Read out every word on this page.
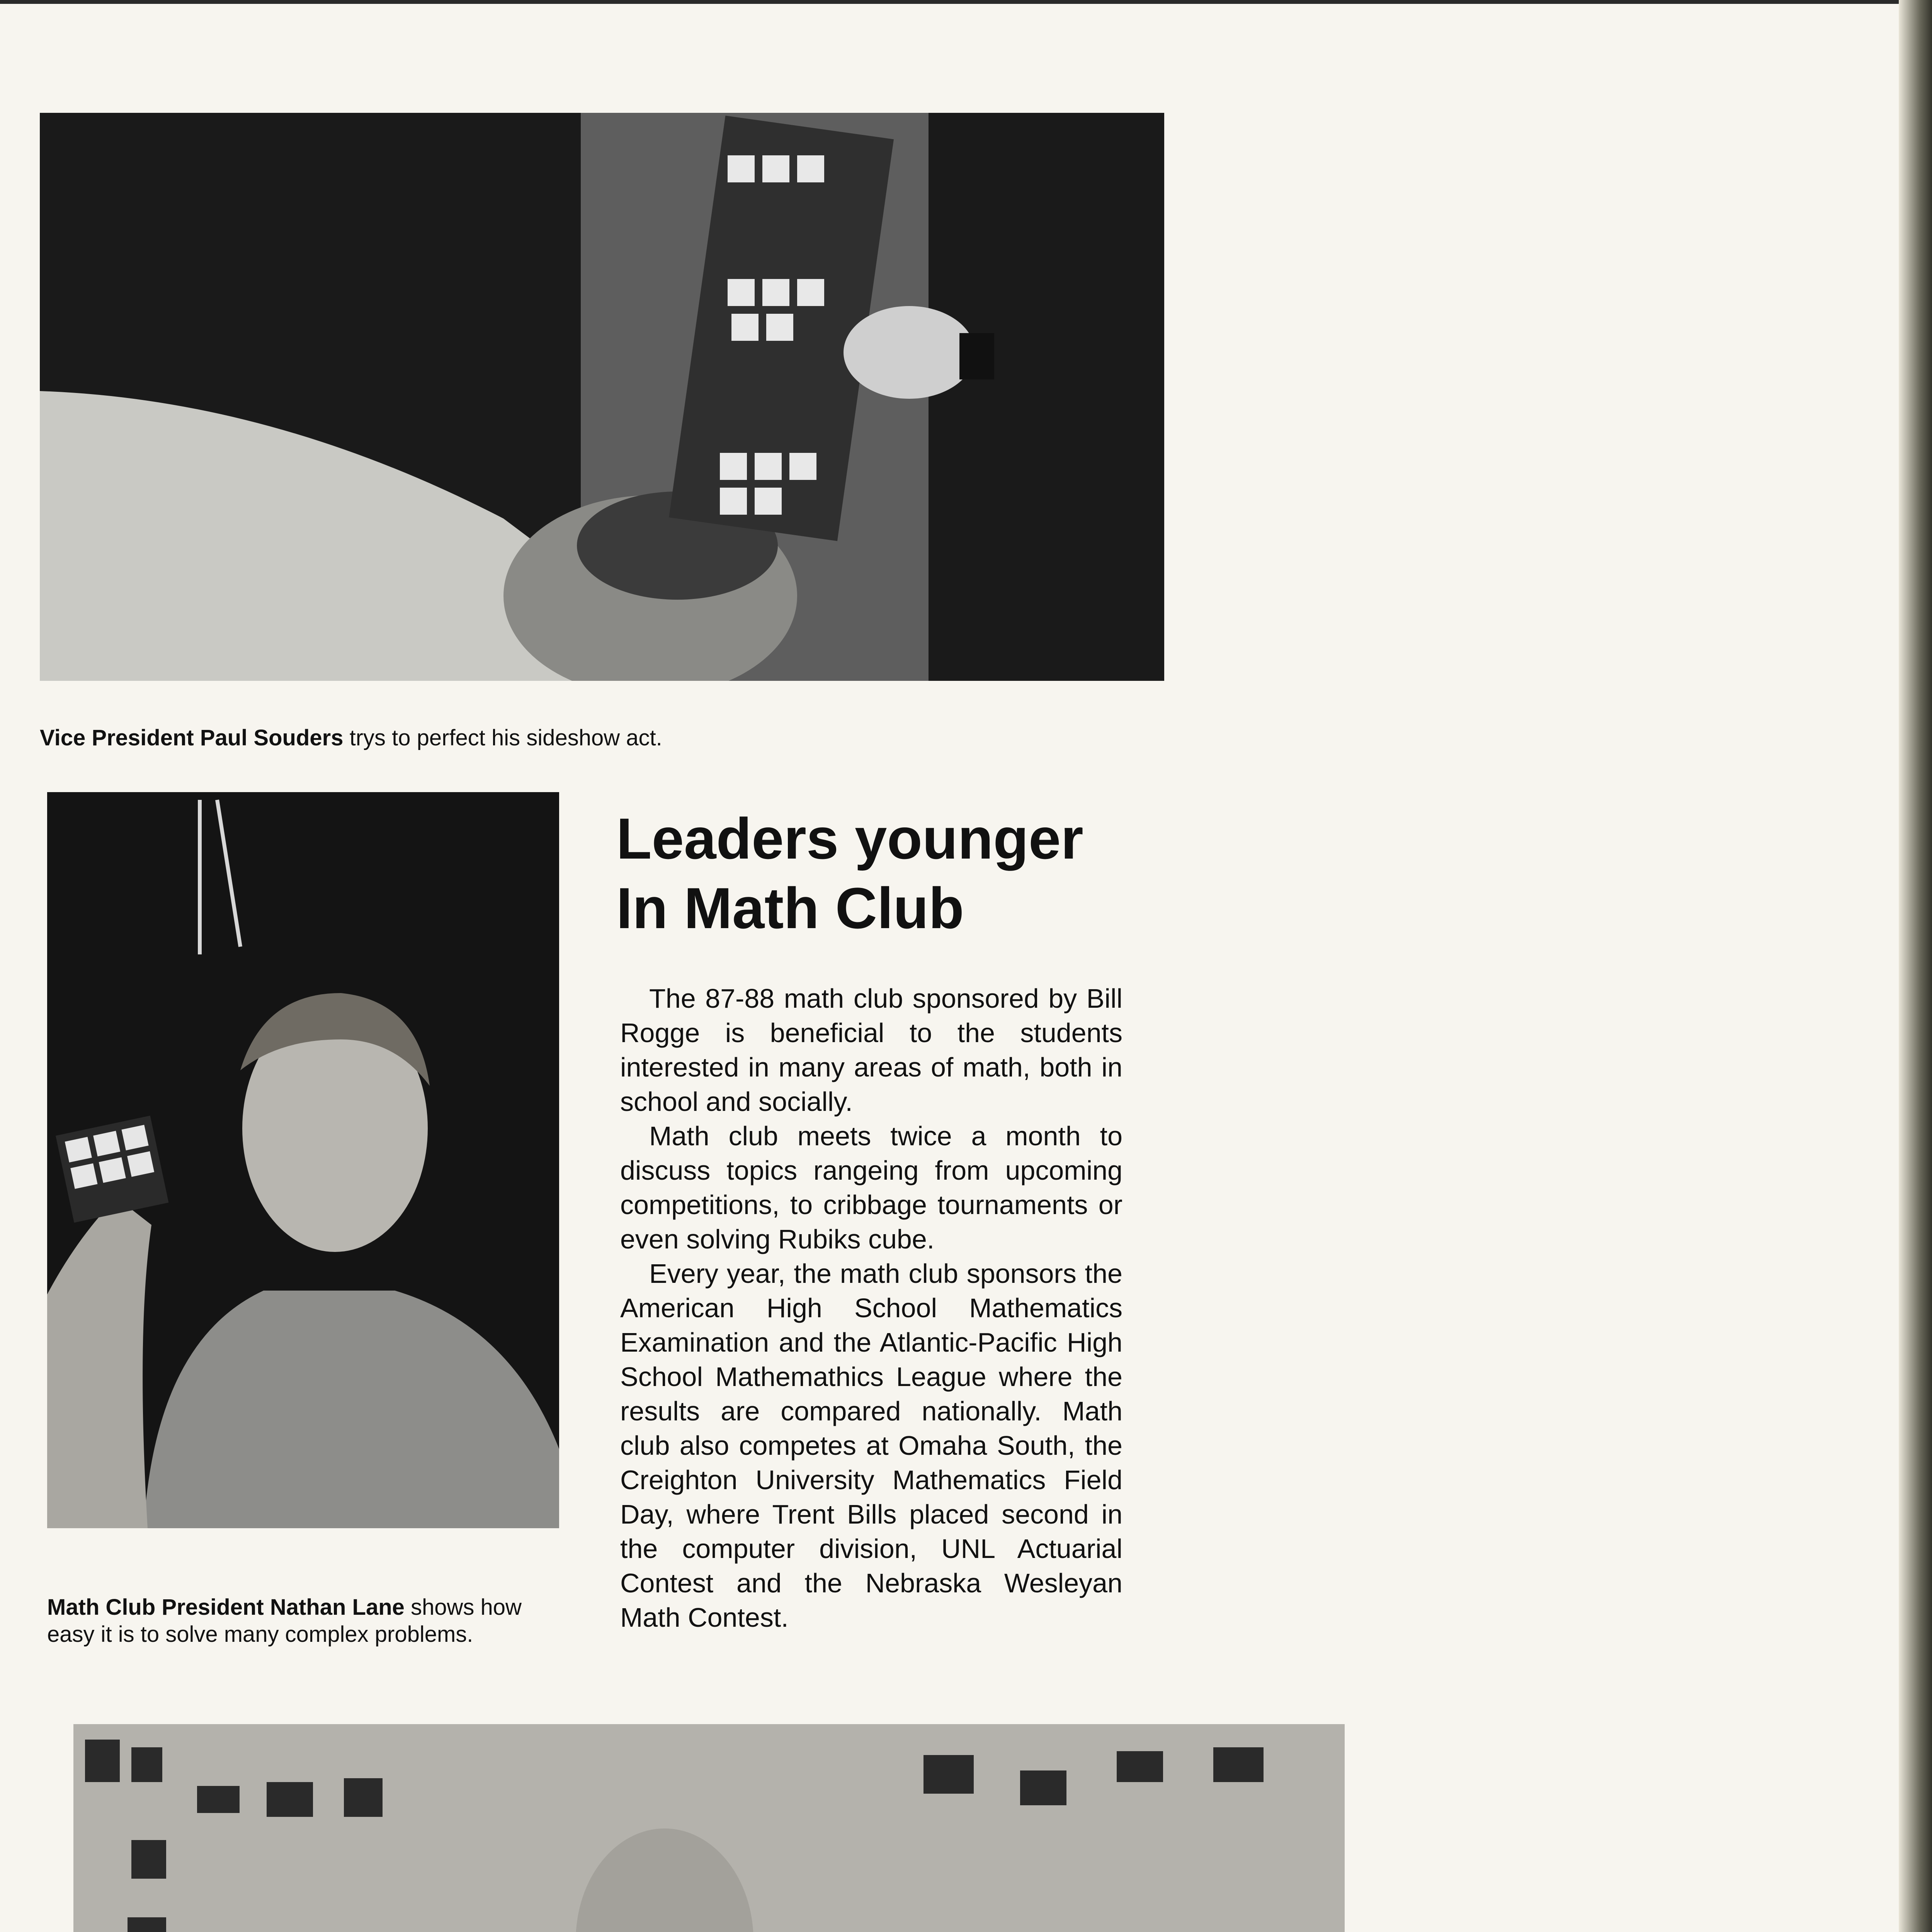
Vice President Paul Souders trys to perfect his sideshow act.
Math Club President Nathan Lane shows how easy it is to solve many complex problems.
Leaders younger
In Math Club

The 87-88 math club sponsored by Bill Rogge is beneficial to the students interested in many areas of math, both in school and socially.

Math club meets twice a month to discuss topics rangeing from upcoming competitions, to cribbage tournaments or even solving Rubiks cube.

Every year, the math club sponsors the American High School Mathematics Examination and the Atlantic-Pacific High School Mathemathics League where the results are compared nationally. Math club also competes at Omaha South, the Creighton University Mathematics Field Day, where Trent Bills placed second in the computer division, UNL Actuarial Contest and the Nebraska Wesleyan Math Contest.
